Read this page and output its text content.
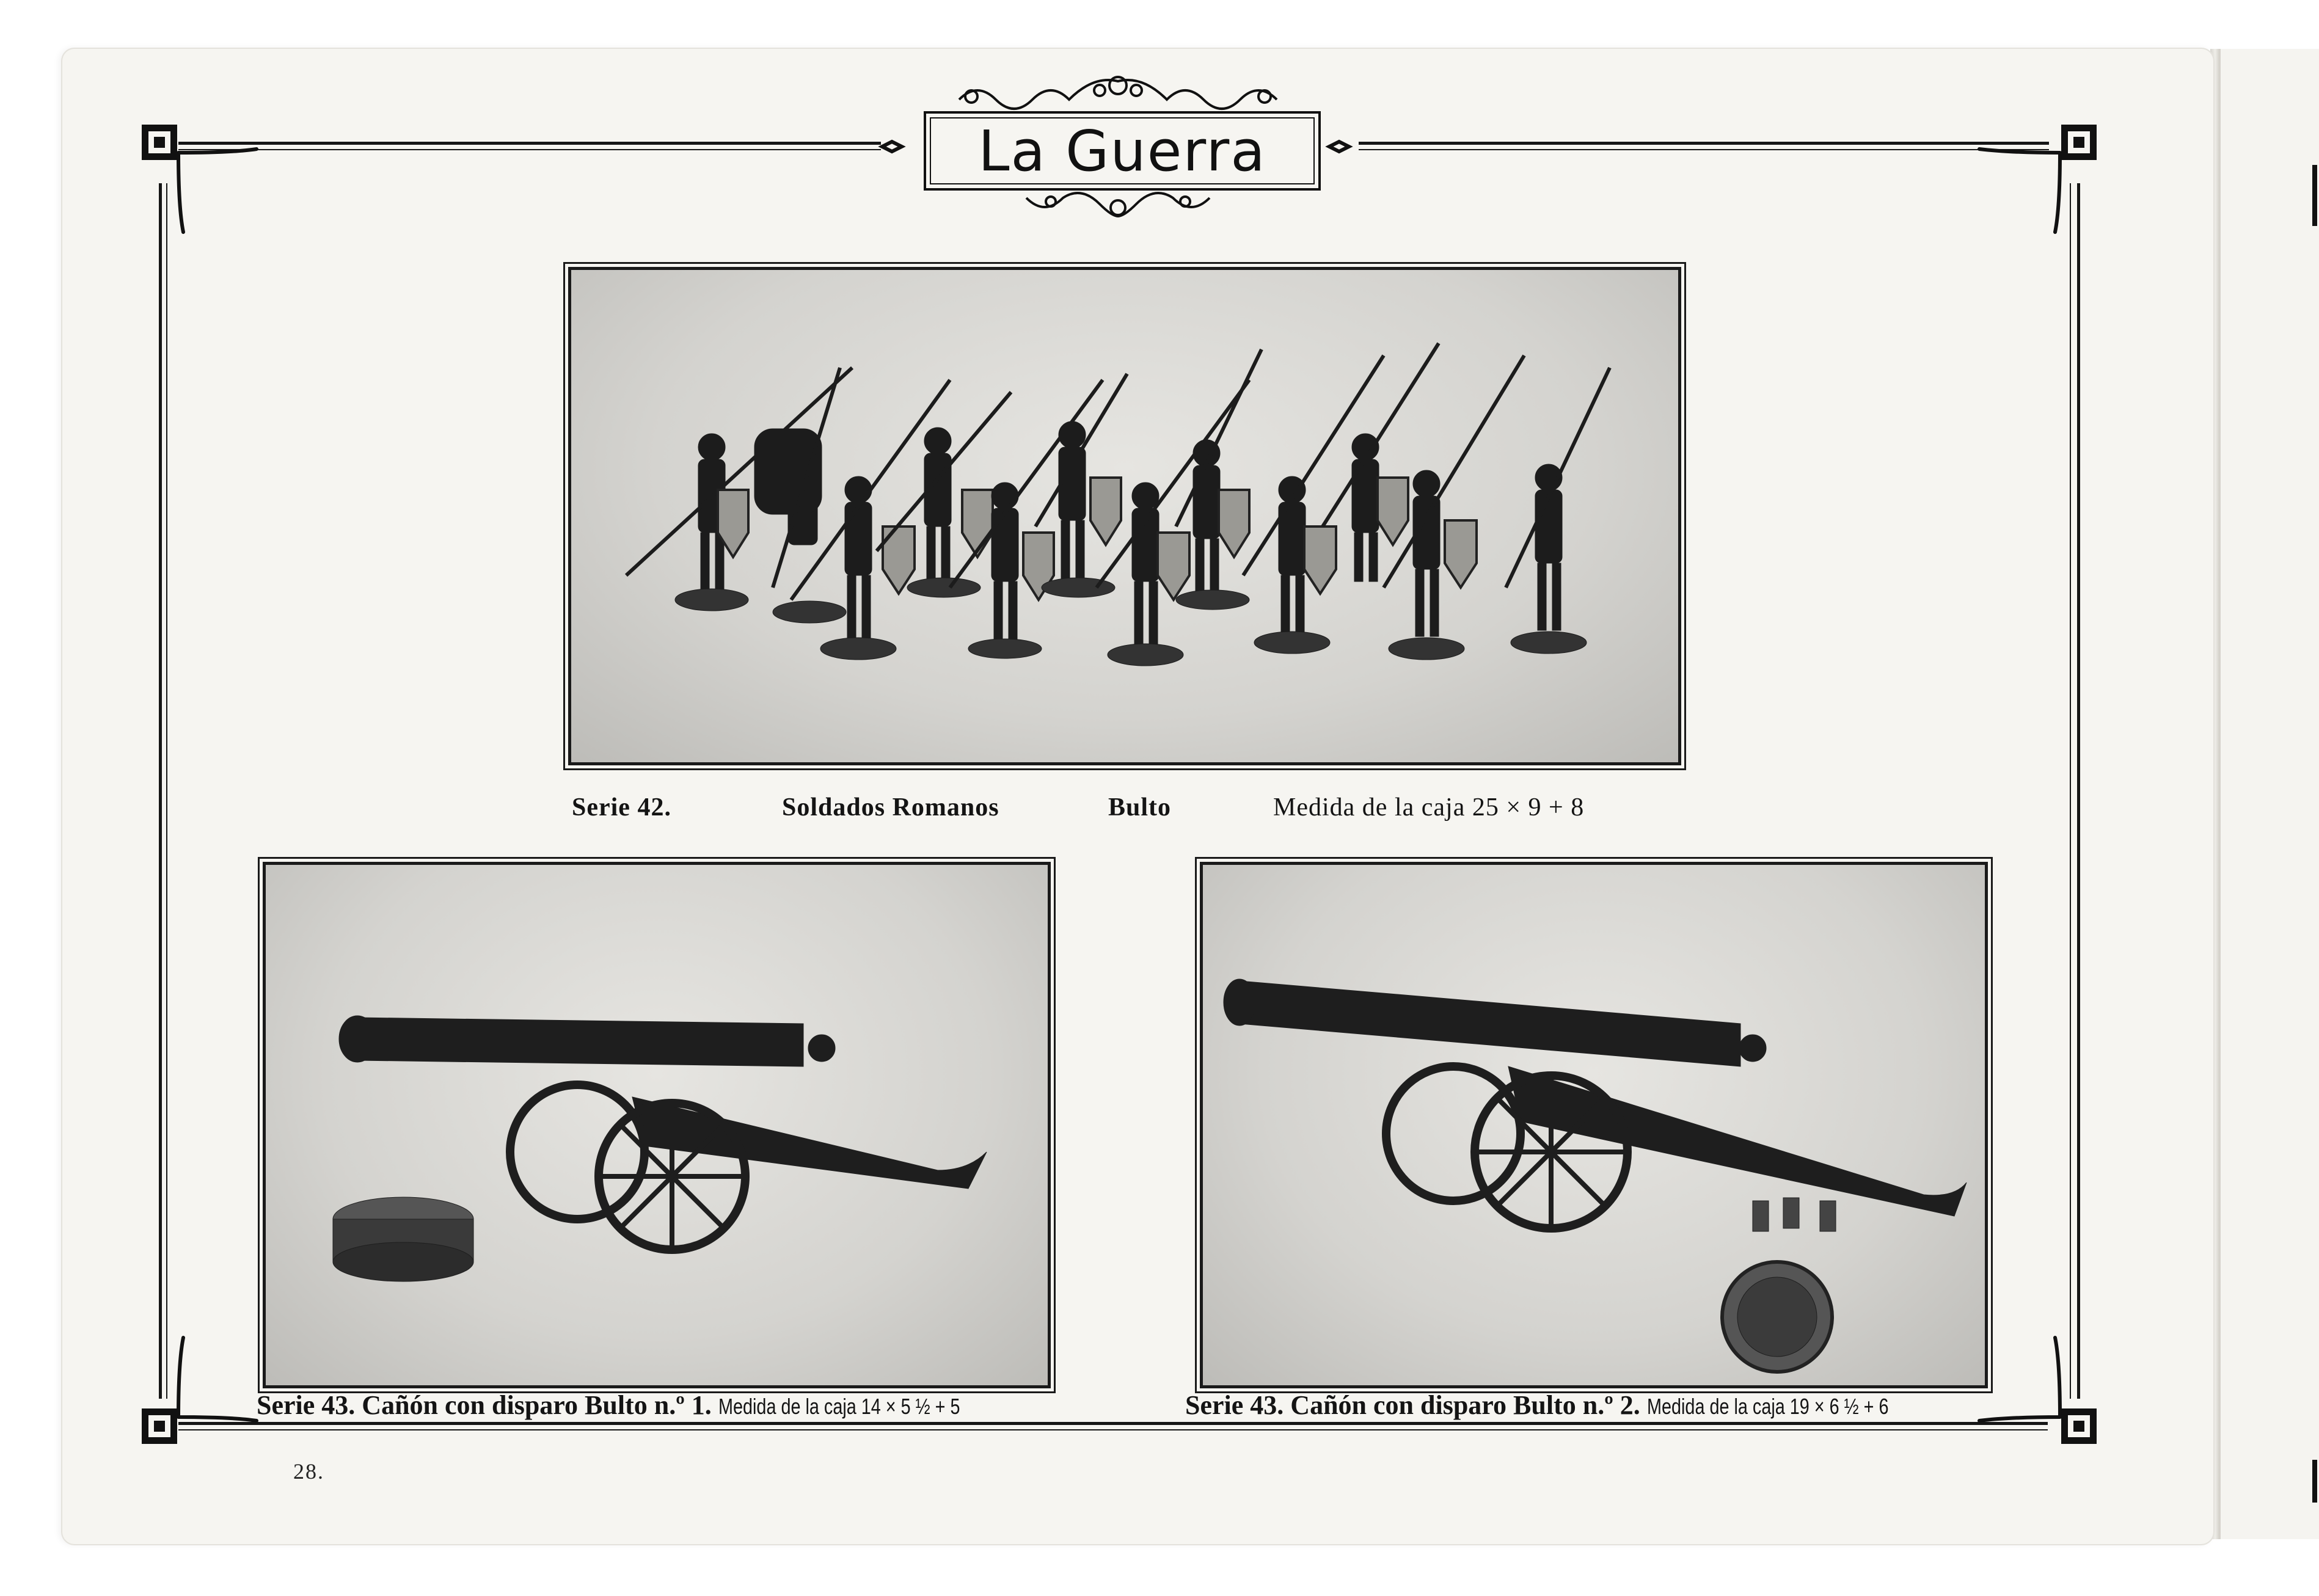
La Guerra
Serie 42.	Soldados Romanos	Bulto	Medida de la caja 25 × 9 + 8
Serie 43. Cañón con disparo Bulto n.º 1. Medida de la caja 14 × 5 ½ + 5	Serie 43. Cañón con disparo Bulto n.º 2. Medida de la caja 19 × 6 ½ + 6
28.
